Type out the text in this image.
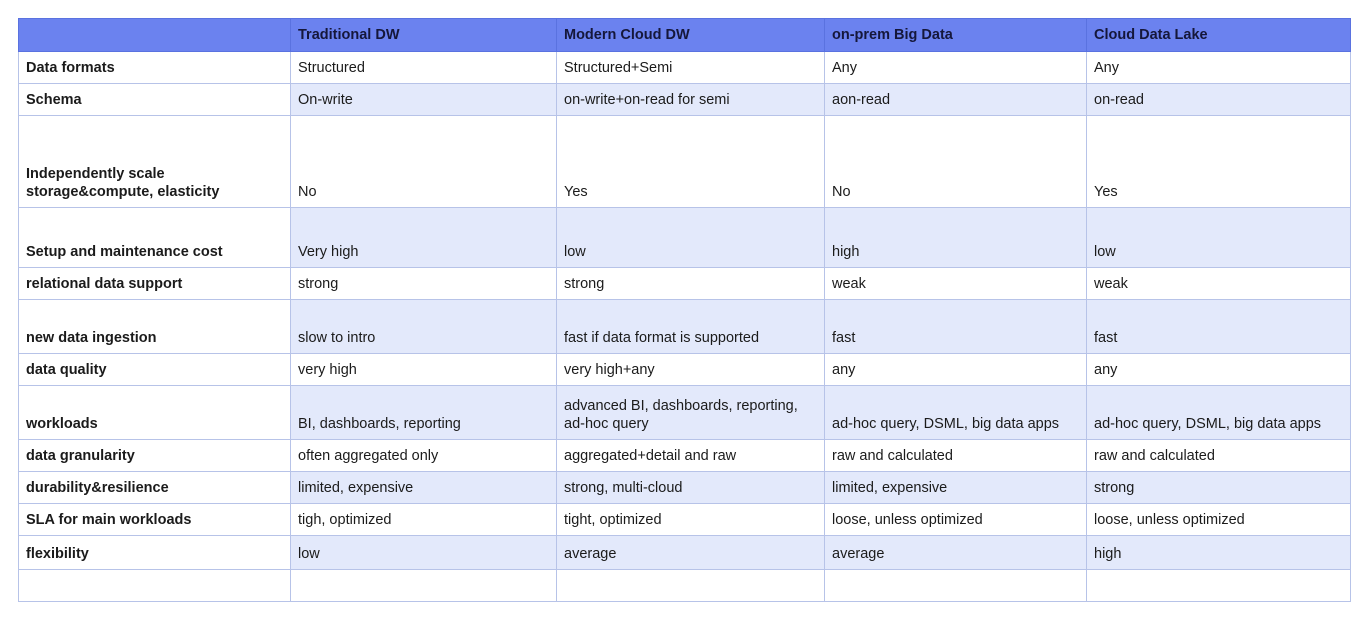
	Traditional DW	Modern Cloud DW	on-prem Big Data	Cloud Data Lake
Data formats	Structured	Structured+Semi	Any	Any
Schema	On-write	on-write+on-read for semi	aon-read	on-read
Independently scale storage&compute, elasticity	No	Yes	No	Yes
Setup and maintenance cost	Very high	low	high	low
relational data support	strong	strong	weak	weak
new data ingestion	slow to intro	fast if data format is supported	fast	fast
data quality	very high	very high+any	any	any
workloads	BI, dashboards, reporting	advanced BI, dashboards, reporting, ad-hoc query	ad-hoc query, DSML, big data apps	ad-hoc query, DSML, big data apps
data granularity	often aggregated only	aggregated+detail and raw	raw and calculated	raw and calculated
durability&resilience	limited, expensive	strong, multi-cloud	limited, expensive	strong
SLA for main workloads	tigh, optimized	tight, optimized	loose, unless optimized	loose, unless optimized
flexibility	low	average	average	high
